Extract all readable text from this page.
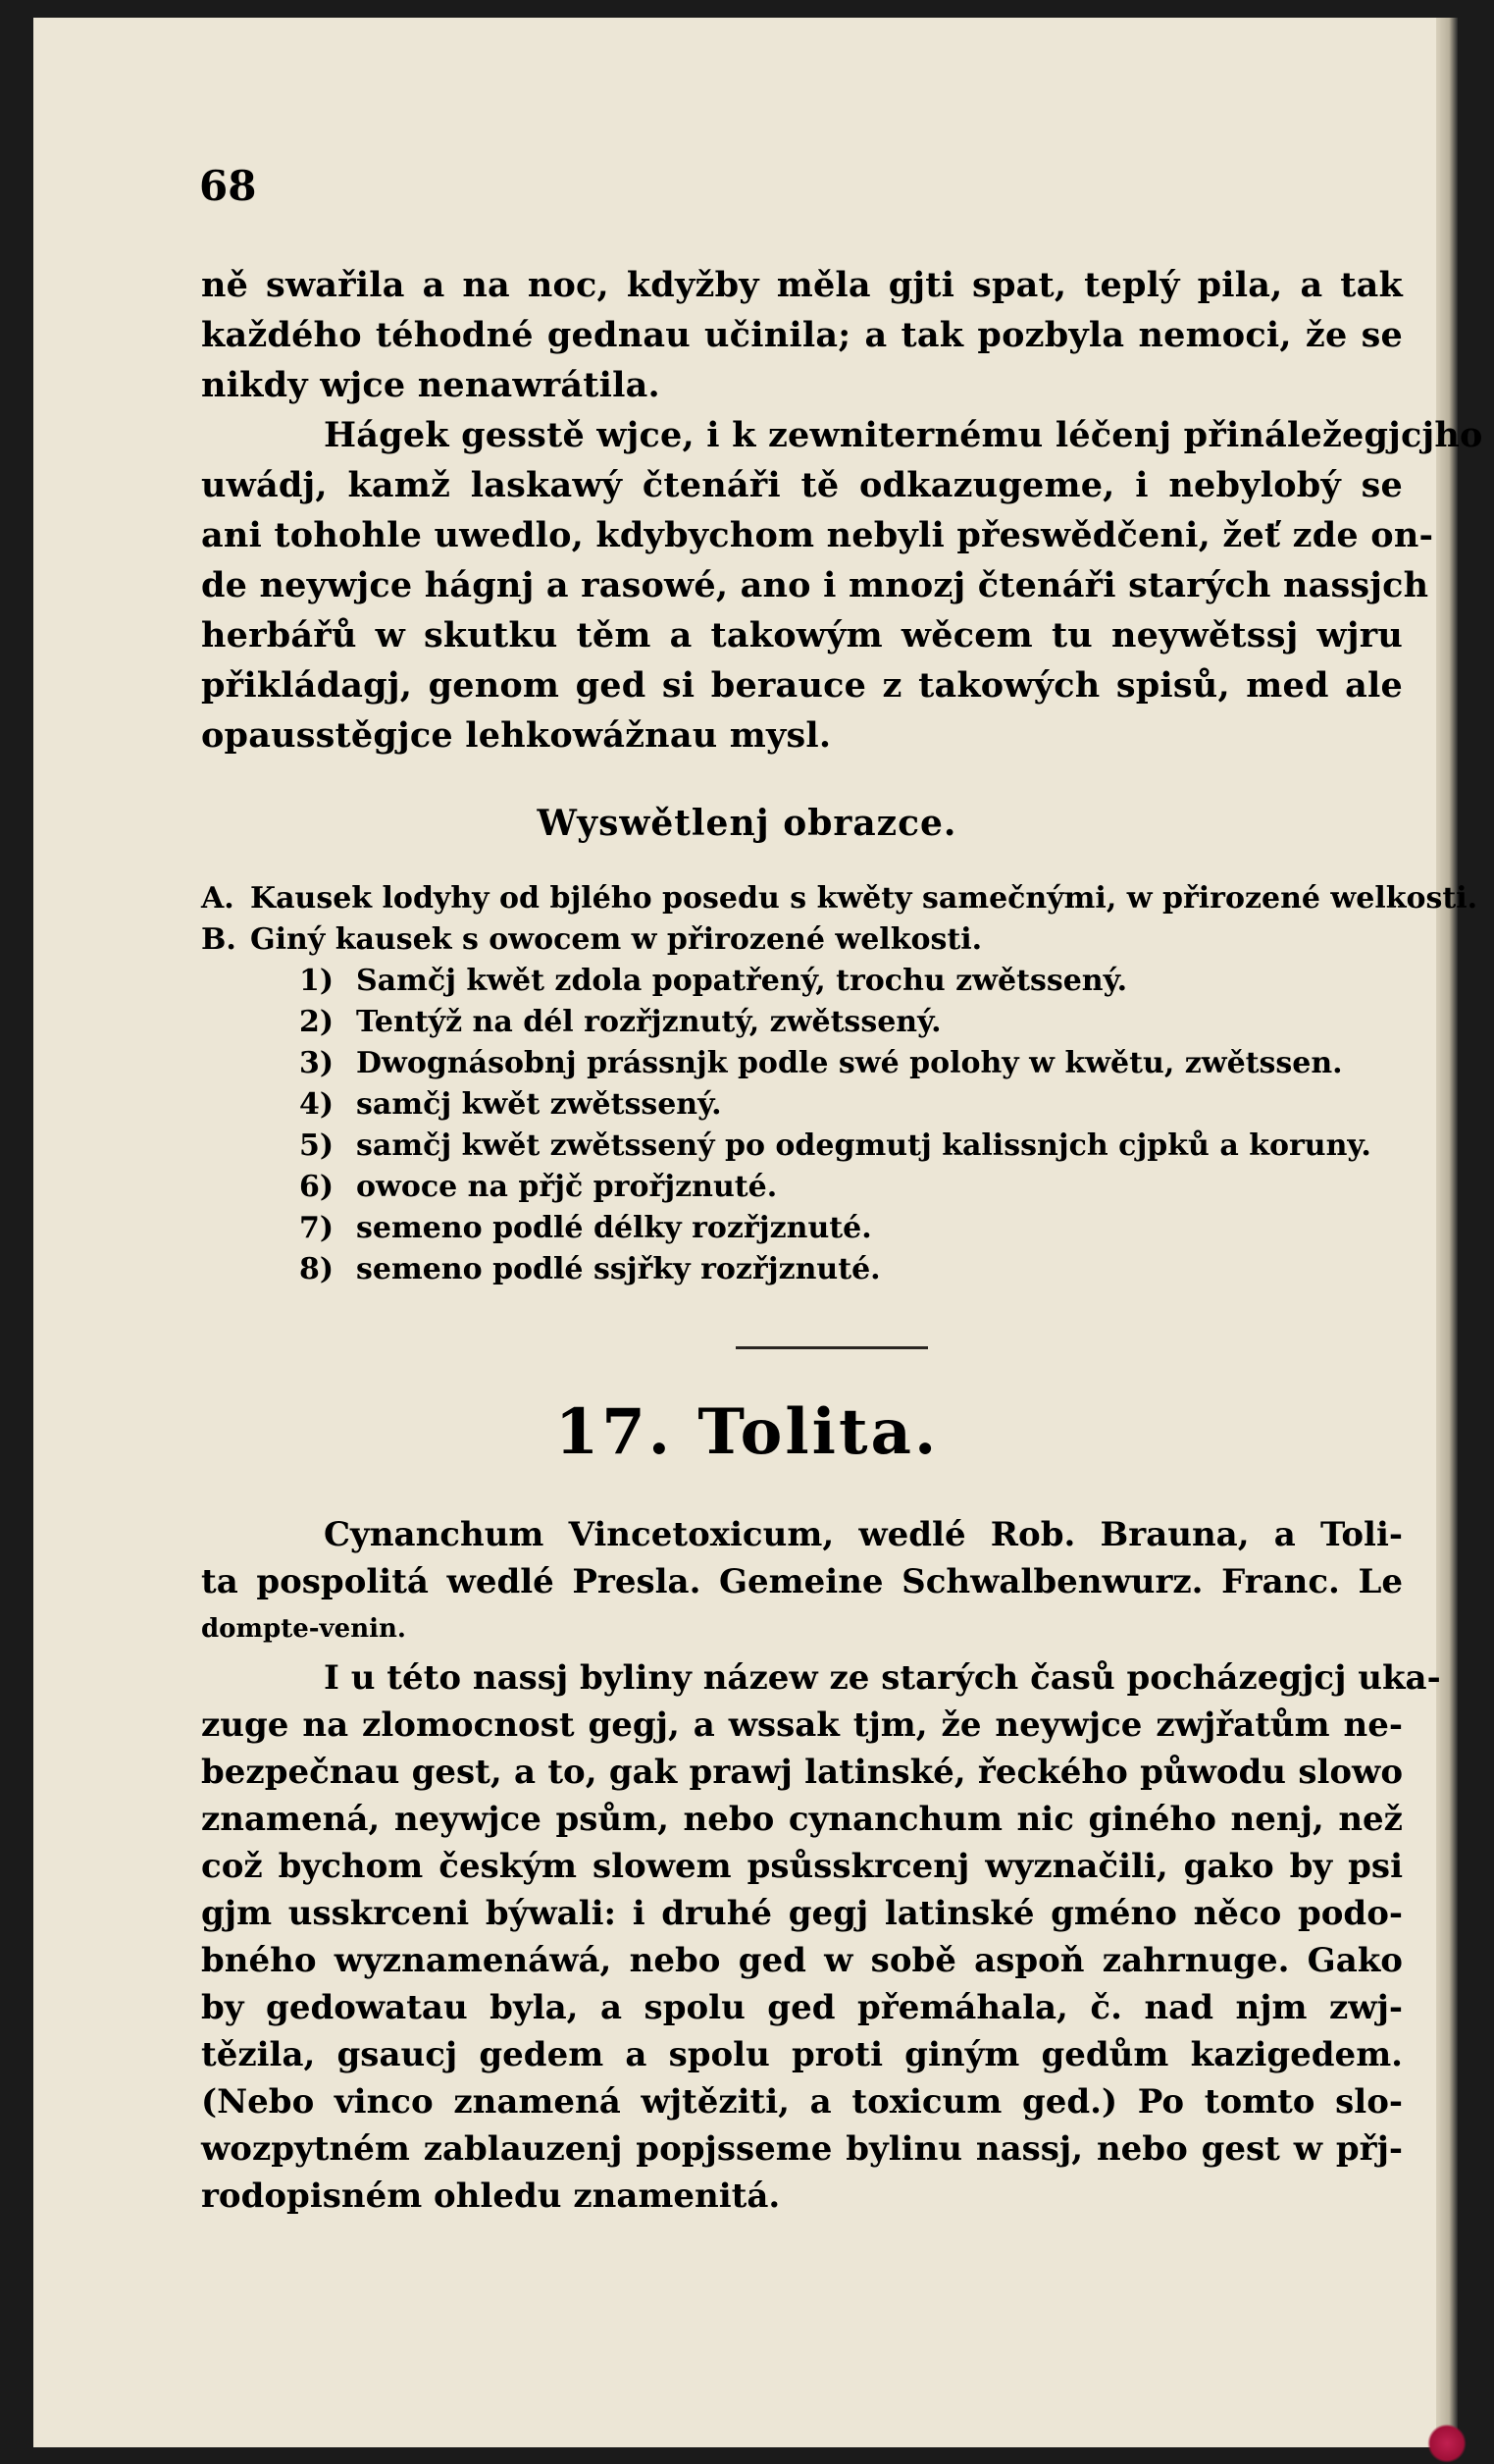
68
ně swařila a na noc, kdyžby měla gjti spat, teplý pila, a tak
každého téhodné gednau učinila; a tak pozbyla nemoci, že se
nikdy wjce nenawrátila.
Hágek gesstě wjce, i k zewniternému léčenj přináležegjcjho
uwádj, kamž laskawý čtenáři tě odkazugeme, i nebylobý se
ani tohohle uwedlo, kdybychom nebyli přeswědčeni, žeť zde on-
de neywjce hágnj a rasowé, ano i mnozj čtenáři starých nassjch
herbářů w skutku těm a takowým wěcem tu neywětssj wjru
přikládagj, genom ged si berauce z takowých spisů, med ale
opausstěgjce lehkowážnau mysl.
Wyswětlenj obrazce.
A. Kausek lodyhy od bjlého posedu s kwěty samečnými, w přirozené welkosti.
B. Giný kausek s owocem w přirozené welkosti.
1) Samčj kwět zdola popatřený, trochu zwětssený.
2) Tentýž na dél rozřjznutý, zwětssený.
3) Dwognásobnj prássnjk podle swé polohy w kwětu, zwětssen.
4) samčj kwět zwětssený.
5) samčj kwět zwětssený po odegmutj kalissnjch cjpků a koruny.
6) owoce na přjč prořjznuté.
7) semeno podlé délky rozřjznuté.
8) semeno podlé ssjřky rozřjznuté.
17. Tolita.
Cynanchum Vincetoxicum, wedlé Rob. Brauna, a Toli-
ta pospolitá wedlé Presla. Gemeine Schwalbenwurz. Franc. Le
dompte-venin.
I u této nassj byliny názew ze starých časů pocházegjcj uka-
zuge na zlomocnost gegj, a wssak tjm, že neywjce zwjřatům ne-
bezpečnau gest, a to, gak prawj latinské, řeckého půwodu slowo
znamená, neywjce psům, nebo cynanchum nic giného nenj, než
což bychom českým slowem psůsskrcenj wyznačili, gako by psi
gjm usskrceni býwali: i druhé gegj latinské gméno něco podo-
bného wyznamenáwá, nebo ged w sobě aspoň zahrnuge. Gako
by gedowatau byla, a spolu ged přemáhala, č. nad njm zwj-
tězila, gsaucj gedem a spolu proti giným gedům kazigedem.
(Nebo vinco znamená wjtěziti, a toxicum ged.) Po tomto slo-
wozpytném zablauzenj popjsseme bylinu nassj, nebo gest w přj-
rodopisném ohledu znamenitá.
